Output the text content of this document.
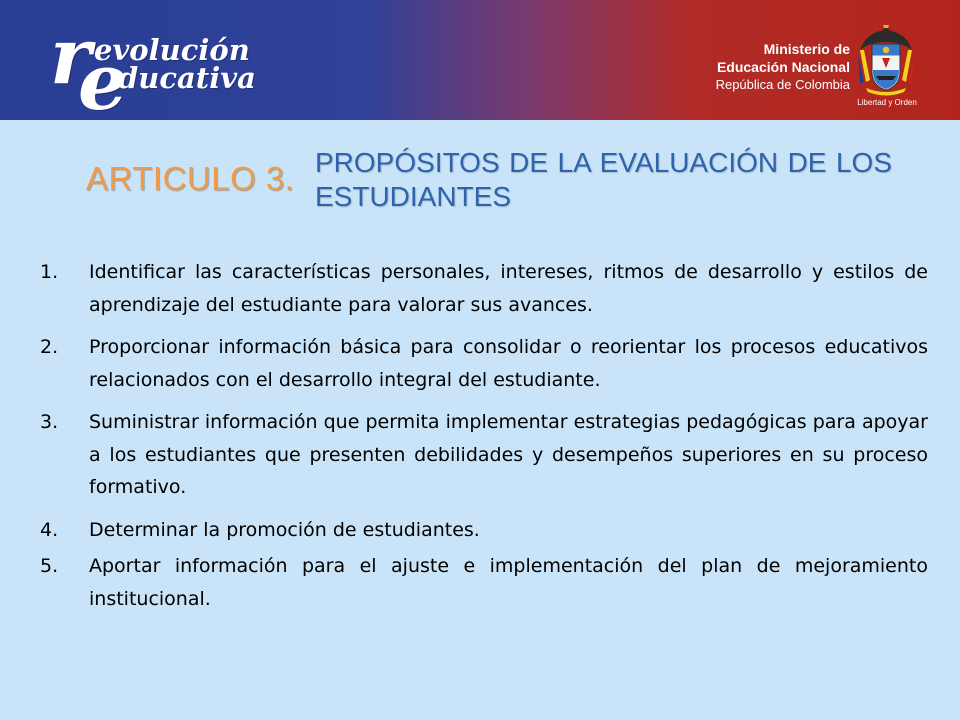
r
e
evolución
ducativa
Ministerio de
Educación Nacional
República de Colombia
Libertad y Orden
ARTICULO 3. PROPÓSITOS DE LA EVALUACIÓN DE LOS ESTUDIANTES
1.	Identificar las características personales, intereses, ritmos de desarrollo y estilos de aprendizaje del estudiante para valorar sus avances.
2.	Proporcionar información básica para consolidar o reorientar los procesos educativos relacionados con el desarrollo integral del estudiante.
3.	Suministrar información que permita implementar estrategias pedagógicas para apoyar a los estudiantes que presenten debilidades y desempeños superiores en su proceso formativo.
4.	Determinar la promoción de estudiantes.
5.	Aportar información para el ajuste e implementación del plan de mejoramiento institucional.
